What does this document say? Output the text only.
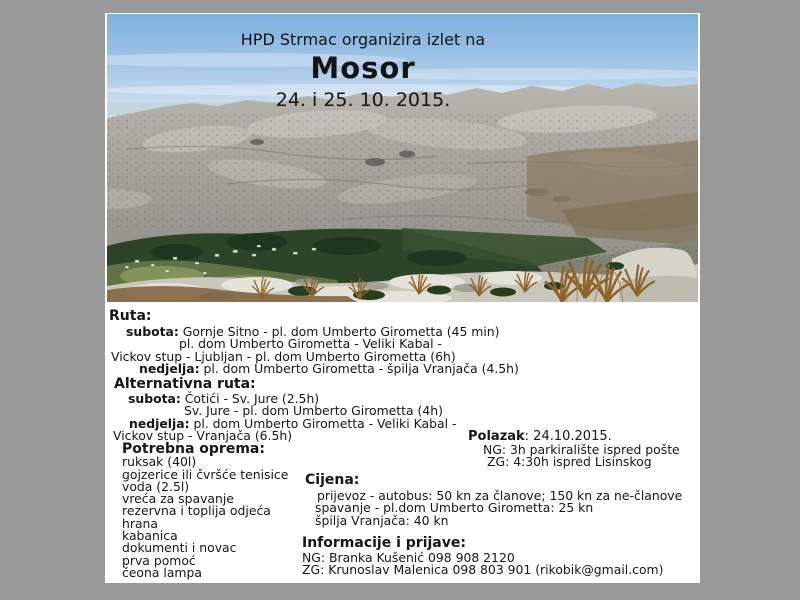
HPD Strmac organizira izlet na
Mosor
24. i 25. 10. 2015.
Ruta:
subota: Gornje Sitno - pl. dom Umberto Girometta (45 min)
pl. dom Umberto Girometta - Veliki Kabal -
Vickov stup - Ljubljan - pl. dom Umberto Girometta (6h)
nedjelja: pl. dom Umberto Girometta - špilja Vranjača (4.5h)
Alternativna ruta:
subota: Čotići - Sv. Jure (2.5h)
Sv. Jure - pl. dom Umberto Girometta (4h)
nedjelja: pl. dom Umberto Girometta - Veliki Kabal -
Vickov stup - Vranjača (6.5h)	Polazak: 24.10.2015.
NG: 3h parkiralište ispred pošte
ZG: 4:30h ispred Lisinskog
Potrebna oprema:
ruksak (40l)
gojzerice ili čvršće tenisice
voda (2.5l)
vreća za spavanje
rezervna i toplija odjeća
hrana
kabanica
dokumenti i novac
prva pomoć
čeona lampa
Cijena:
prijevoz - autobus: 50 kn za članove; 150 kn za ne-članove
spavanje - pl.dom Umberto Girometta: 25 kn
špilja Vranjača: 40 kn
Informacije i prijave:
NG: Branka Kušenić 098 908 2120
ZG: Krunoslav Malenica 098 803 901 (rikobik@gmail.com)
